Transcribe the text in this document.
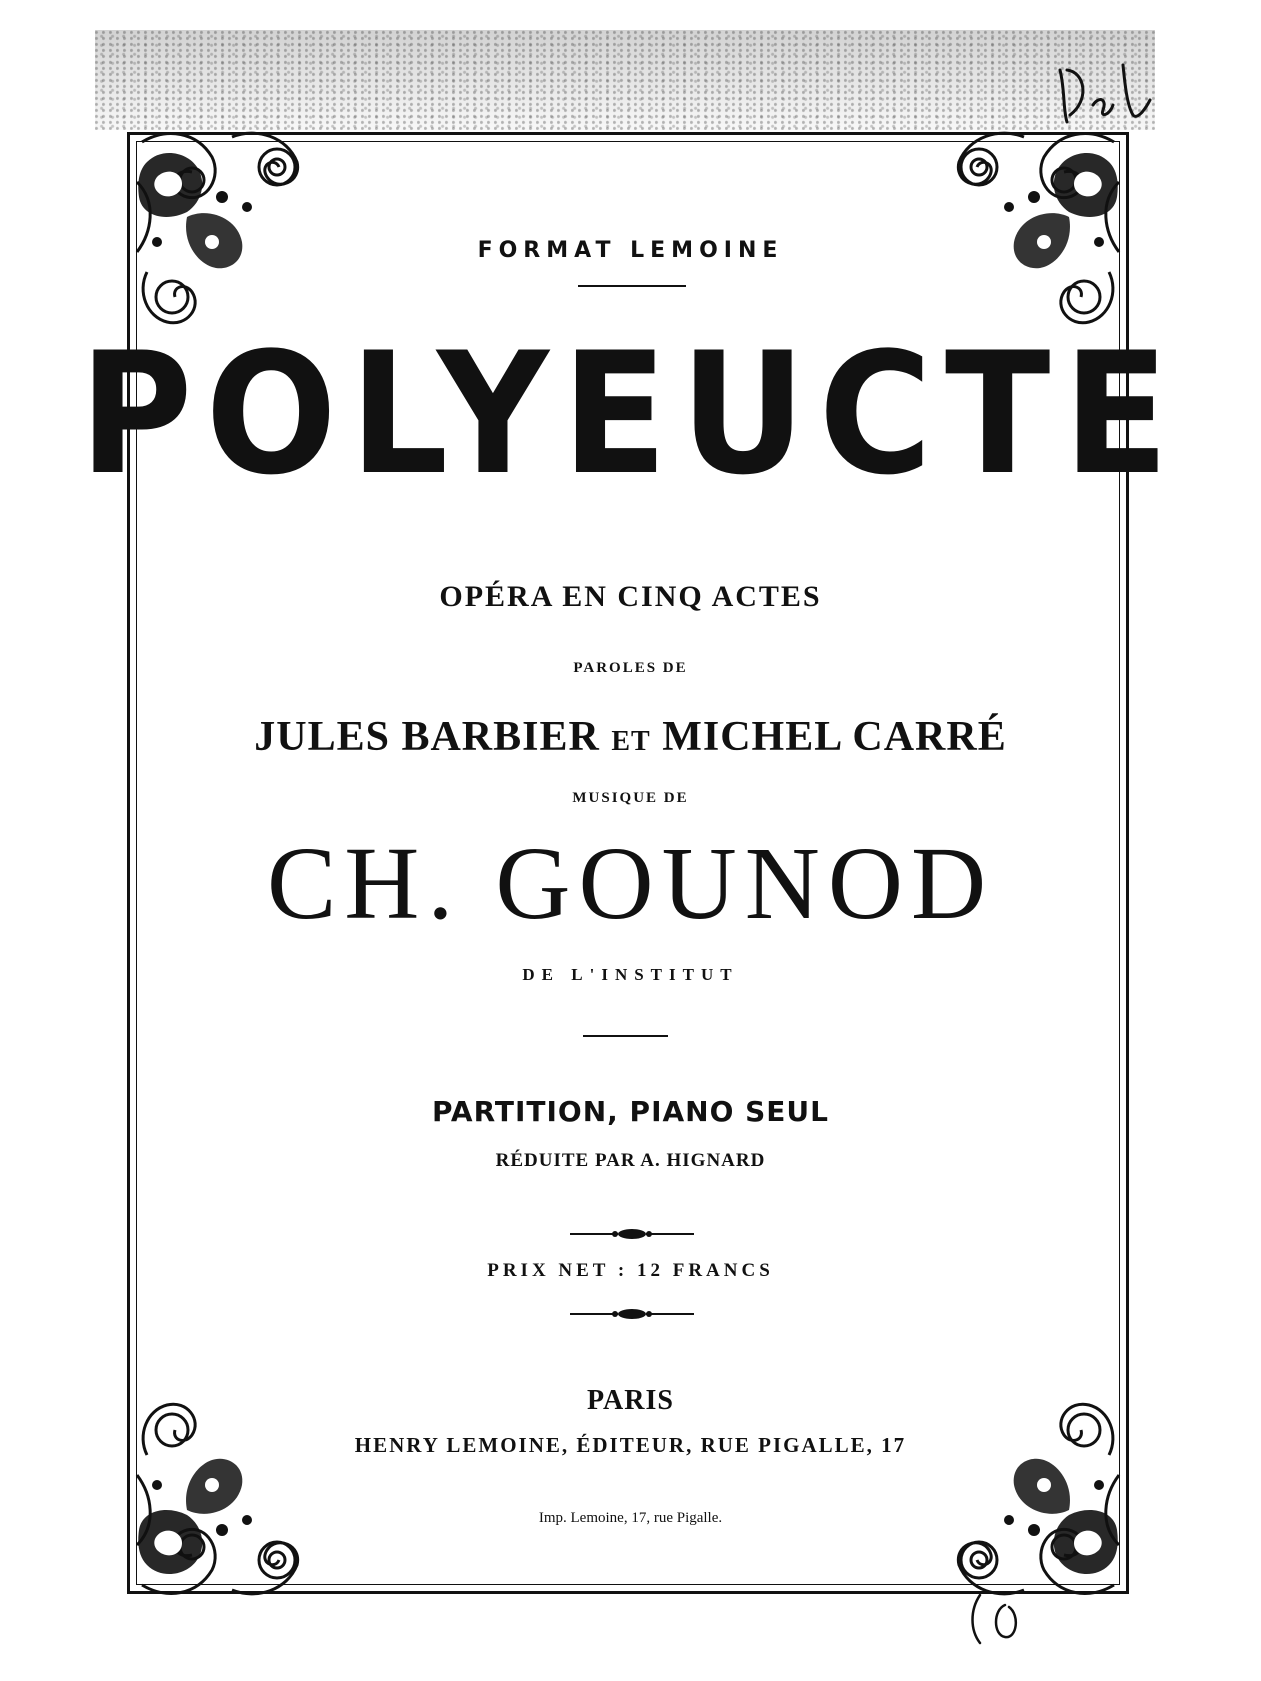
FORMAT LEMOINE
POLYEUCTE
OPÉRA EN CINQ ACTES
PAROLES DE
JULES BARBIER ET MICHEL CARRÉ
MUSIQUE DE
CH. GOUNOD
DE L'INSTITUT
PARTITION, PIANO SEUL
RÉDUITE PAR A. HIGNARD
PRIX NET : 12 FRANCS
PARIS
HENRY LEMOINE, ÉDITEUR, RUE PIGALLE, 17
Imp. Lemoine, 17, rue Pigalle.
